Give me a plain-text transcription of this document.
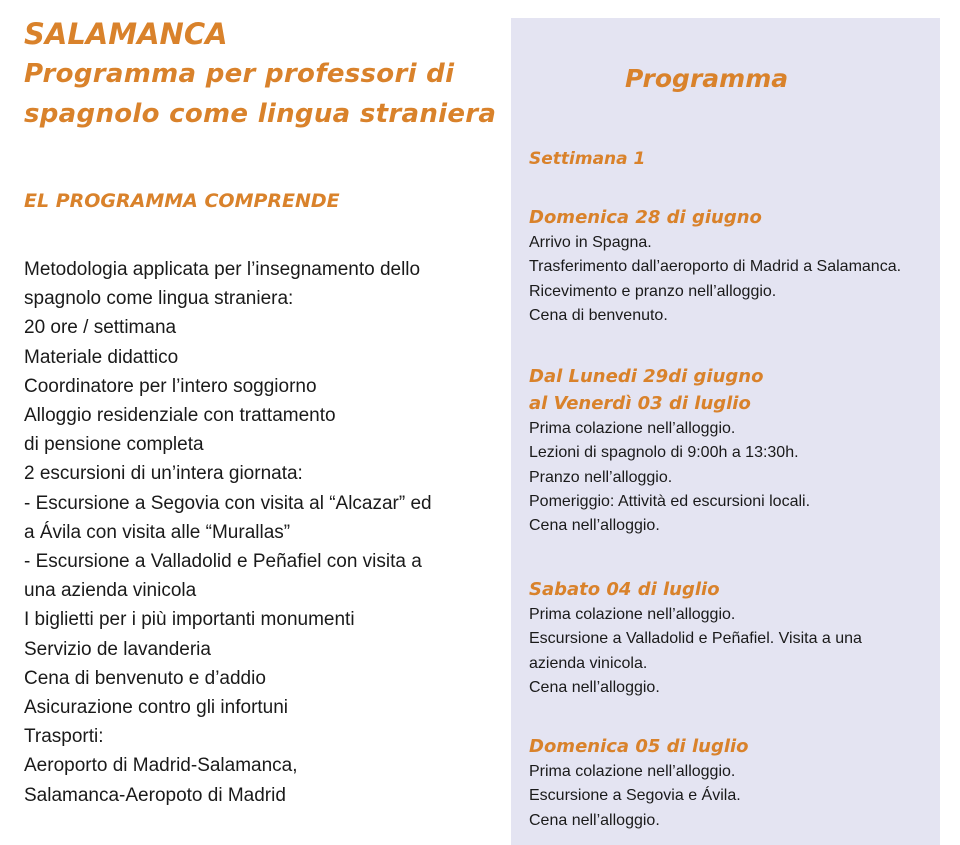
SALAMANCA
Programma per professori di
spagnolo come lingua straniera
EL PROGRAMMA COMPRENDE
Metodologia applicata per l’insegnamento dello
spagnolo come lingua straniera:
20 ore / settimana
Materiale didattico
Coordinatore per l’intero soggiorno
Alloggio residenziale con trattamento
di pensione completa
2 escursioni di un’intera giornata:
- Escursione a Segovia con visita al “Alcazar” ed
a Ávila con visita alle “Murallas”
- Escursione a Valladolid e Peñafiel con visita a
una azienda vinicola
I biglietti per i più importanti monumenti
Servizio de lavanderia
Cena di benvenuto e d’addio
Asicurazione contro gli infortuni
Trasporti:
Aeroporto di Madrid-Salamanca,
Salamanca-Aeropoto di Madrid
Programma
Settimana 1
Domenica 28 di giugno
Arrivo in Spagna.
Trasferimento dall’aeroporto di Madrid a Salamanca.
Ricevimento e pranzo nell’alloggio.
Cena di benvenuto.
Dal Lunedi 29di giugno
al Venerdì 03 di luglio
Prima colazione nell’alloggio.
Lezioni di spagnolo di 9:00h a 13:30h.
Pranzo nell’alloggio.
Pomeriggio: Attività ed escursioni locali.
Cena nell’alloggio.
Sabato 04 di luglio
Prima colazione nell’alloggio.
Escursione a Valladolid e Peñafiel. Visita a una
azienda vinicola.
Cena nell’alloggio.
Domenica 05 di luglio
Prima colazione nell’alloggio.
Escursione a Segovia e Ávila.
Cena nell’alloggio.
